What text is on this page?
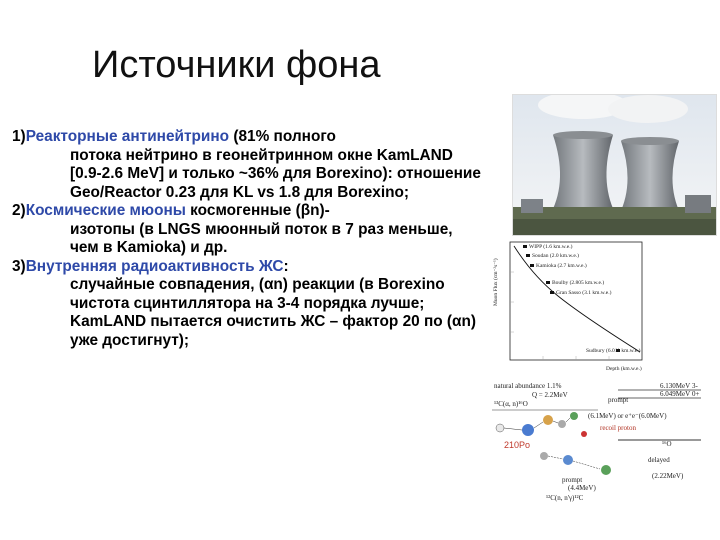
Источники фона

1)Реакторные антинейтрино (81% полного
потока нейтрино в геонейтринном окне KamLAND [0.9-2.6 MeV] и только ~36% для Borexino): отношение Geo/Reactor 0.23 для KL vs 1.8 для Borexino;

2)Космические мюоны космогенные (βn)-
изотопы (в LNGS мюонный поток в 7 раз меньше, чем в Kamioka) и др.

3)Внутренняя радиоактивность ЖС:
случайные совпадения, (αn) реакции (в Borexino чистота сцинтиллятора на 3-4 порядка лучше; KamLAND пытается очистить ЖС – фактор 20 по (αn) уже достигнут);

WIPP (1.6 km.w.e.)
Soudan (2.0 km.w.e.)
Kamioka (2.7 km.w.e.)
Boulby (2.805 km.w.e.)
Gran Sasso (3.1 km.w.e.)
Sudbury (6.011 km.w.e.)
Muon Flux (cm⁻²s⁻¹)
Depth (km.w.e.)
natural abundance 1.1%
¹³C(α, n)¹⁶O
Q = 2.2MeV
6.130MeV
6.049MeV
3-
0+
¹⁶O
prompt
(6.1MeV) or e⁺e⁻(6.0MeV)
recoil proton
210Po
delayed
(2.22MeV)
prompt
(4.4MeV)
¹²C(n, n'γ)¹²C
